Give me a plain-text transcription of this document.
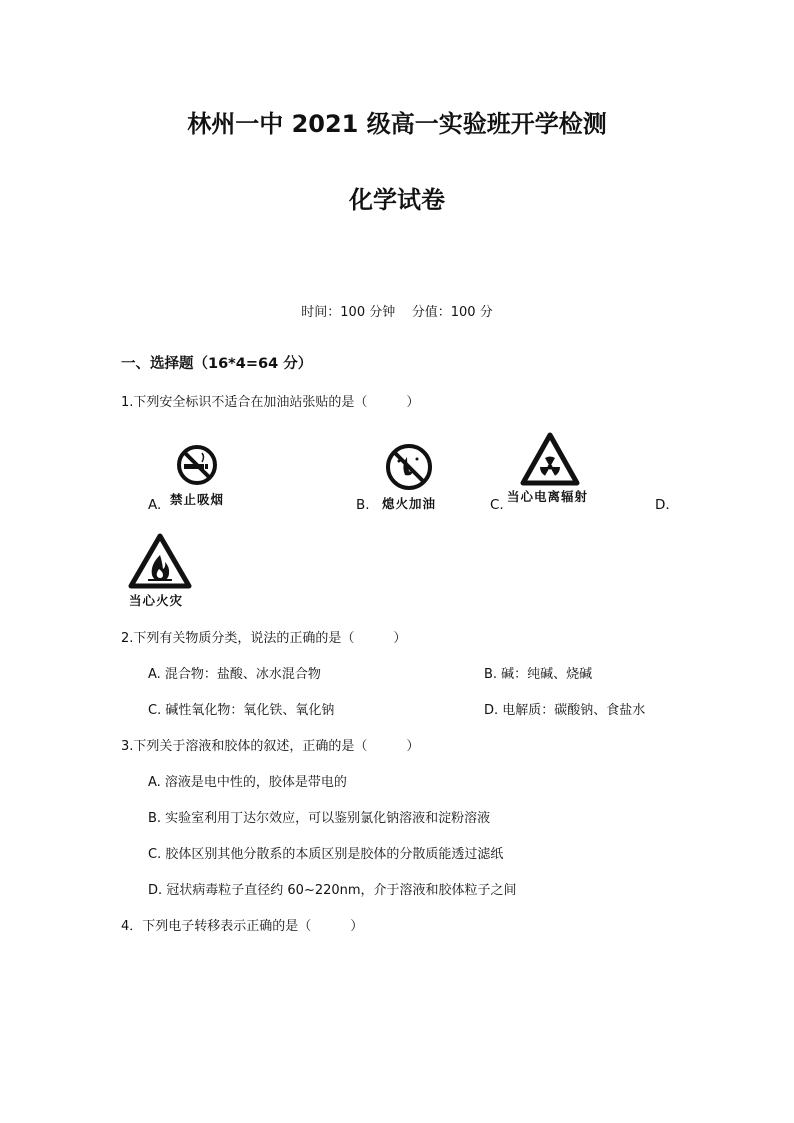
林州一中 2021 级高一实验班开学检测
化学试卷
时间：100 分钟    分值：100 分
一、选择题（16*4=64 分）
1.下列安全标识不适合在加油站张贴的是（　　　）
A. 禁止吸烟	B. 熄火加油	C.
当心电离辐射
D.
当心火灾
2.下列有关物质分类，说法的正确的是（　　　）
A. 混合物：盐酸、冰水混合物	B. 碱：纯碱、烧碱
C. 碱性氧化物：氧化铁、氧化钠	D. 电解质：碳酸钠、食盐水
3.下列关于溶液和胶体的叙述，正确的是（　　　）
A. 溶液是电中性的，胶体是带电的
B. 实验室利用丁达尔效应，可以鉴别氯化钠溶液和淀粉溶液
C. 胶体区别其他分散系的本质区别是胶体的分散质能透过滤纸
D. 冠状病毒粒子直径约 60~220nm，介于溶液和胶体粒子之间
4．下列电子转移表示正确的是（　　　）
